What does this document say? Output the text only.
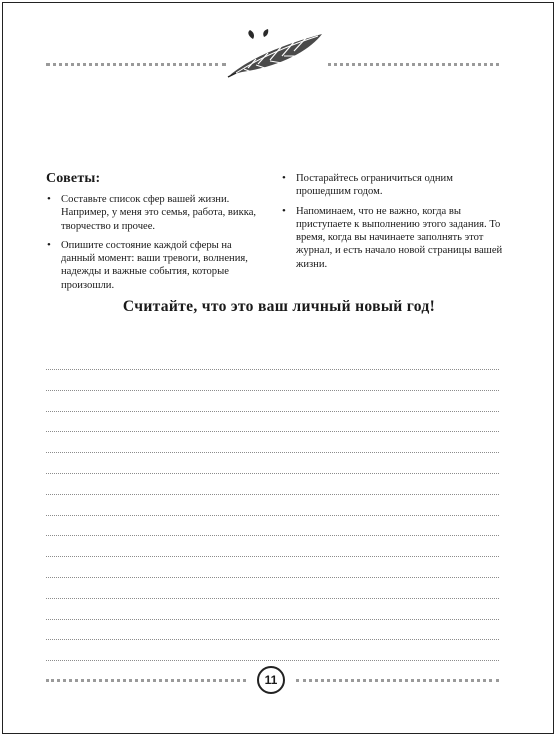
Советы:
• Составьте список сфер вашей жизни. Например, у меня это семья, работа, викка, творчество и прочее.
• Опишите состояние каждой сферы на данный момент: ваши тревоги, волнения, надежды и важные события, которые произошли.
• Постарайтесь ограничиться одним прошедшим годом.
• Напоминаем, что не важно, когда вы приступаете к выполнению этого задания. То время, когда вы начинаете заполнять этот журнал, и есть начало новой страницы вашей жизни.
Считайте, что это ваш личный новый год!
11
